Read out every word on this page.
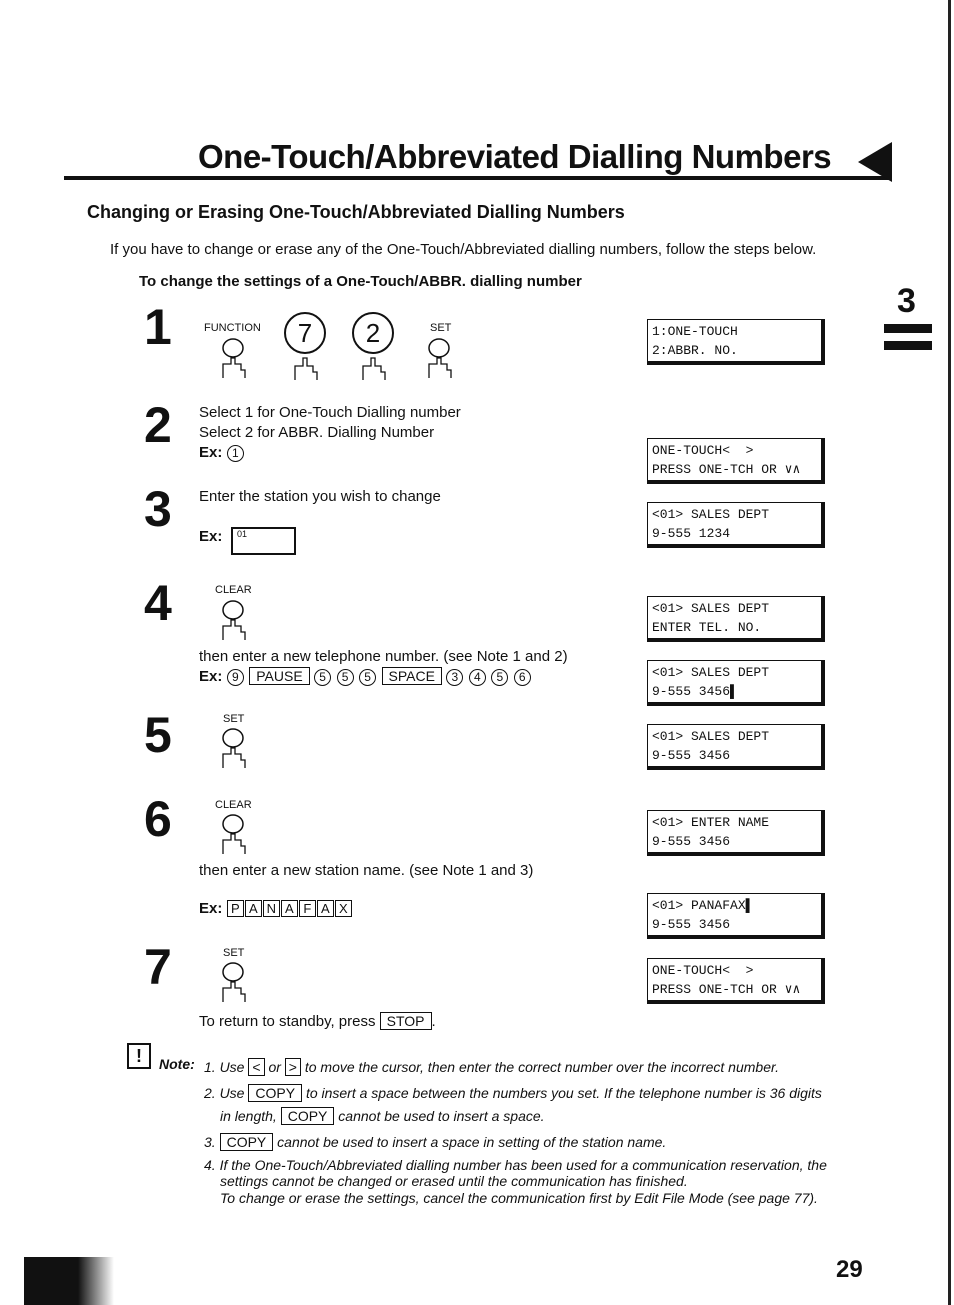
One-Touch/Abbreviated Dialling Numbers
Changing or Erasing One-Touch/Abbreviated Dialling Numbers
If you have to change or erase any of the One-Touch/Abbreviated dialling numbers, follow the steps below.
To change the settings of a One-Touch/ABBR. dialling number
3
1	FUNCTION	7	2	SET
2 Select 1 for One-Touch Dialling number
Select 2 for ABBR. Dialling Number
Ex: 1
3 Enter the station you wish to change
Ex:	01
4	CLEAR
then enter a new telephone number. (see Note 1 and 2)
Ex: 9 PAUSE 5 5 5 SPACE 3 4 5 6
5	SET
6	CLEAR
then enter a new station name. (see Note 1 and 3)
Ex: P A N A F A X
7	SET
To return to standby, press STOP .
1:ONE-TOUCH
2:ABBR. NO.
ONE-TOUCH<  >
PRESS ONE-TCH OR ∨∧
<01> SALES DEPT
9-555 1234
<01> SALES DEPT
ENTER TEL. NO.
<01> SALES DEPT
9-555 3456▌
<01> SALES DEPT
9-555 3456
<01> ENTER NAME
9-555 3456
<01> PANAFAX▌
9-555 3456
ONE-TOUCH<  >
PRESS ONE-TCH OR ∨∧
!	Note: 1. Use < or > to move the cursor, then enter the correct number over the incorrect number.
2. Use COPY to insert a space between the numbers you set. If the telephone number is 36 digits
in length, COPY cannot be used to insert a space.
3. COPY cannot be used to insert a space in setting of the station name.
4. If the One-Touch/Abbreviated dialling number has been used for a communication reservation, the
settings cannot be changed or erased until the communication has finished.
To change or erase the settings, cancel the communication first by Edit File Mode (see page 77).
29
